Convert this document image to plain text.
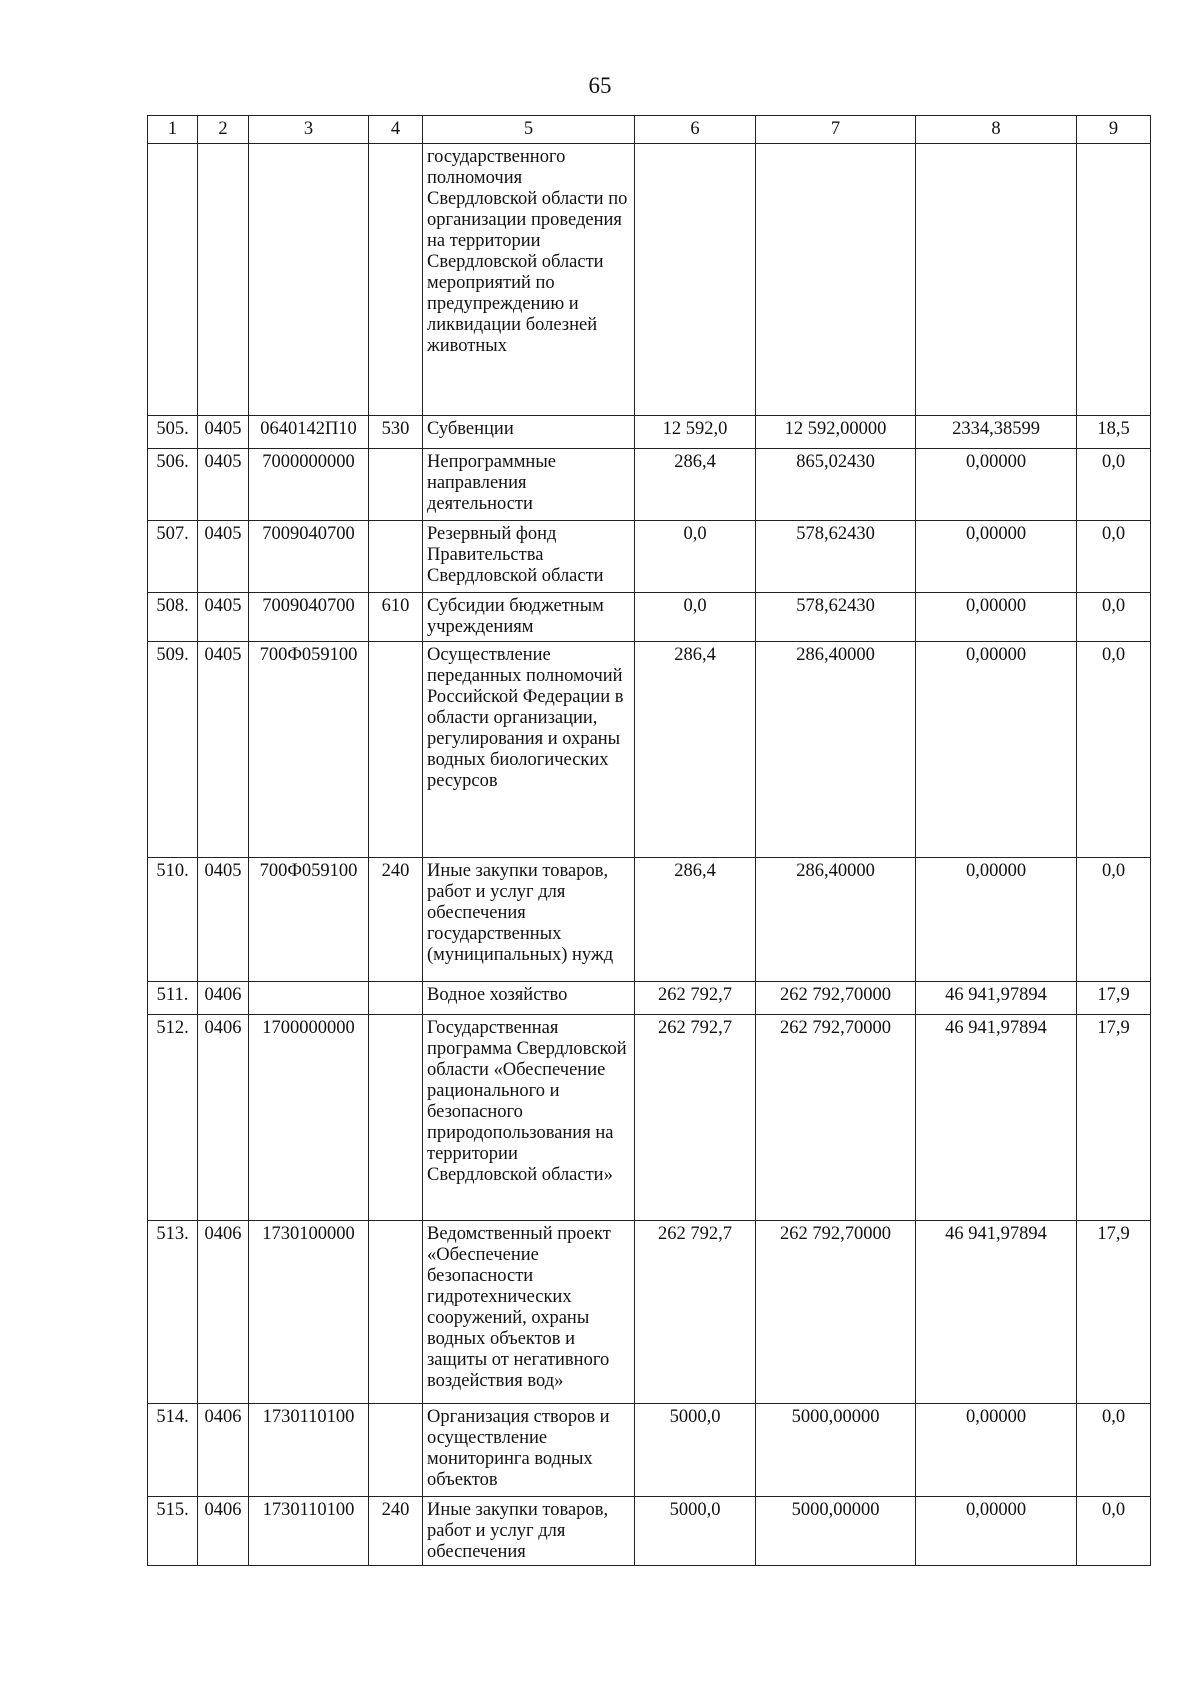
65
1	2	3	4	5	6	7	8	9
				государственного полномочия Свердловской области по организации проведения на территории Свердловской области мероприятий по предупреждению и ликвидации болезней животных				
505.	0405	0640142П10	530	Субвенции	12 592,0	12 592,00000	2334,38599	18,5
506.	0405	7000000000		Непрограммные направления деятельности	286,4	865,02430	0,00000	0,0
507.	0405	7009040700		Резервный фонд Правительства Свердловской области	0,0	578,62430	0,00000	0,0
508.	0405	7009040700	610	Субсидии бюджетным учреждениям	0,0	578,62430	0,00000	0,0
509.	0405	700Ф059100		Осуществление переданных полномочий Российской Федерации в области организации, регулирования и охраны водных биологических ресурсов	286,4	286,40000	0,00000	0,0
510.	0405	700Ф059100	240	Иные закупки товаров, работ и услуг для обеспечения государственных (муниципальных) нужд	286,4	286,40000	0,00000	0,0
511.	0406			Водное хозяйство	262 792,7	262 792,70000	46 941,97894	17,9
512.	0406	1700000000		Государственная программа Свердловской области «Обеспечение рационального и безопасного природопользования на территории Свердловской области»	262 792,7	262 792,70000	46 941,97894	17,9
513.	0406	1730100000		Ведомственный проект «Обеспечение безопасности гидротехнических сооружений, охраны водных объектов и защиты от негативного воздействия вод»	262 792,7	262 792,70000	46 941,97894	17,9
514.	0406	1730110100		Организация створов и осуществление мониторинга водных объектов	5000,0	5000,00000	0,00000	0,0
515.	0406	1730110100	240	Иные закупки товаров, работ и услуг для обеспечения	5000,0	5000,00000	0,00000	0,0
